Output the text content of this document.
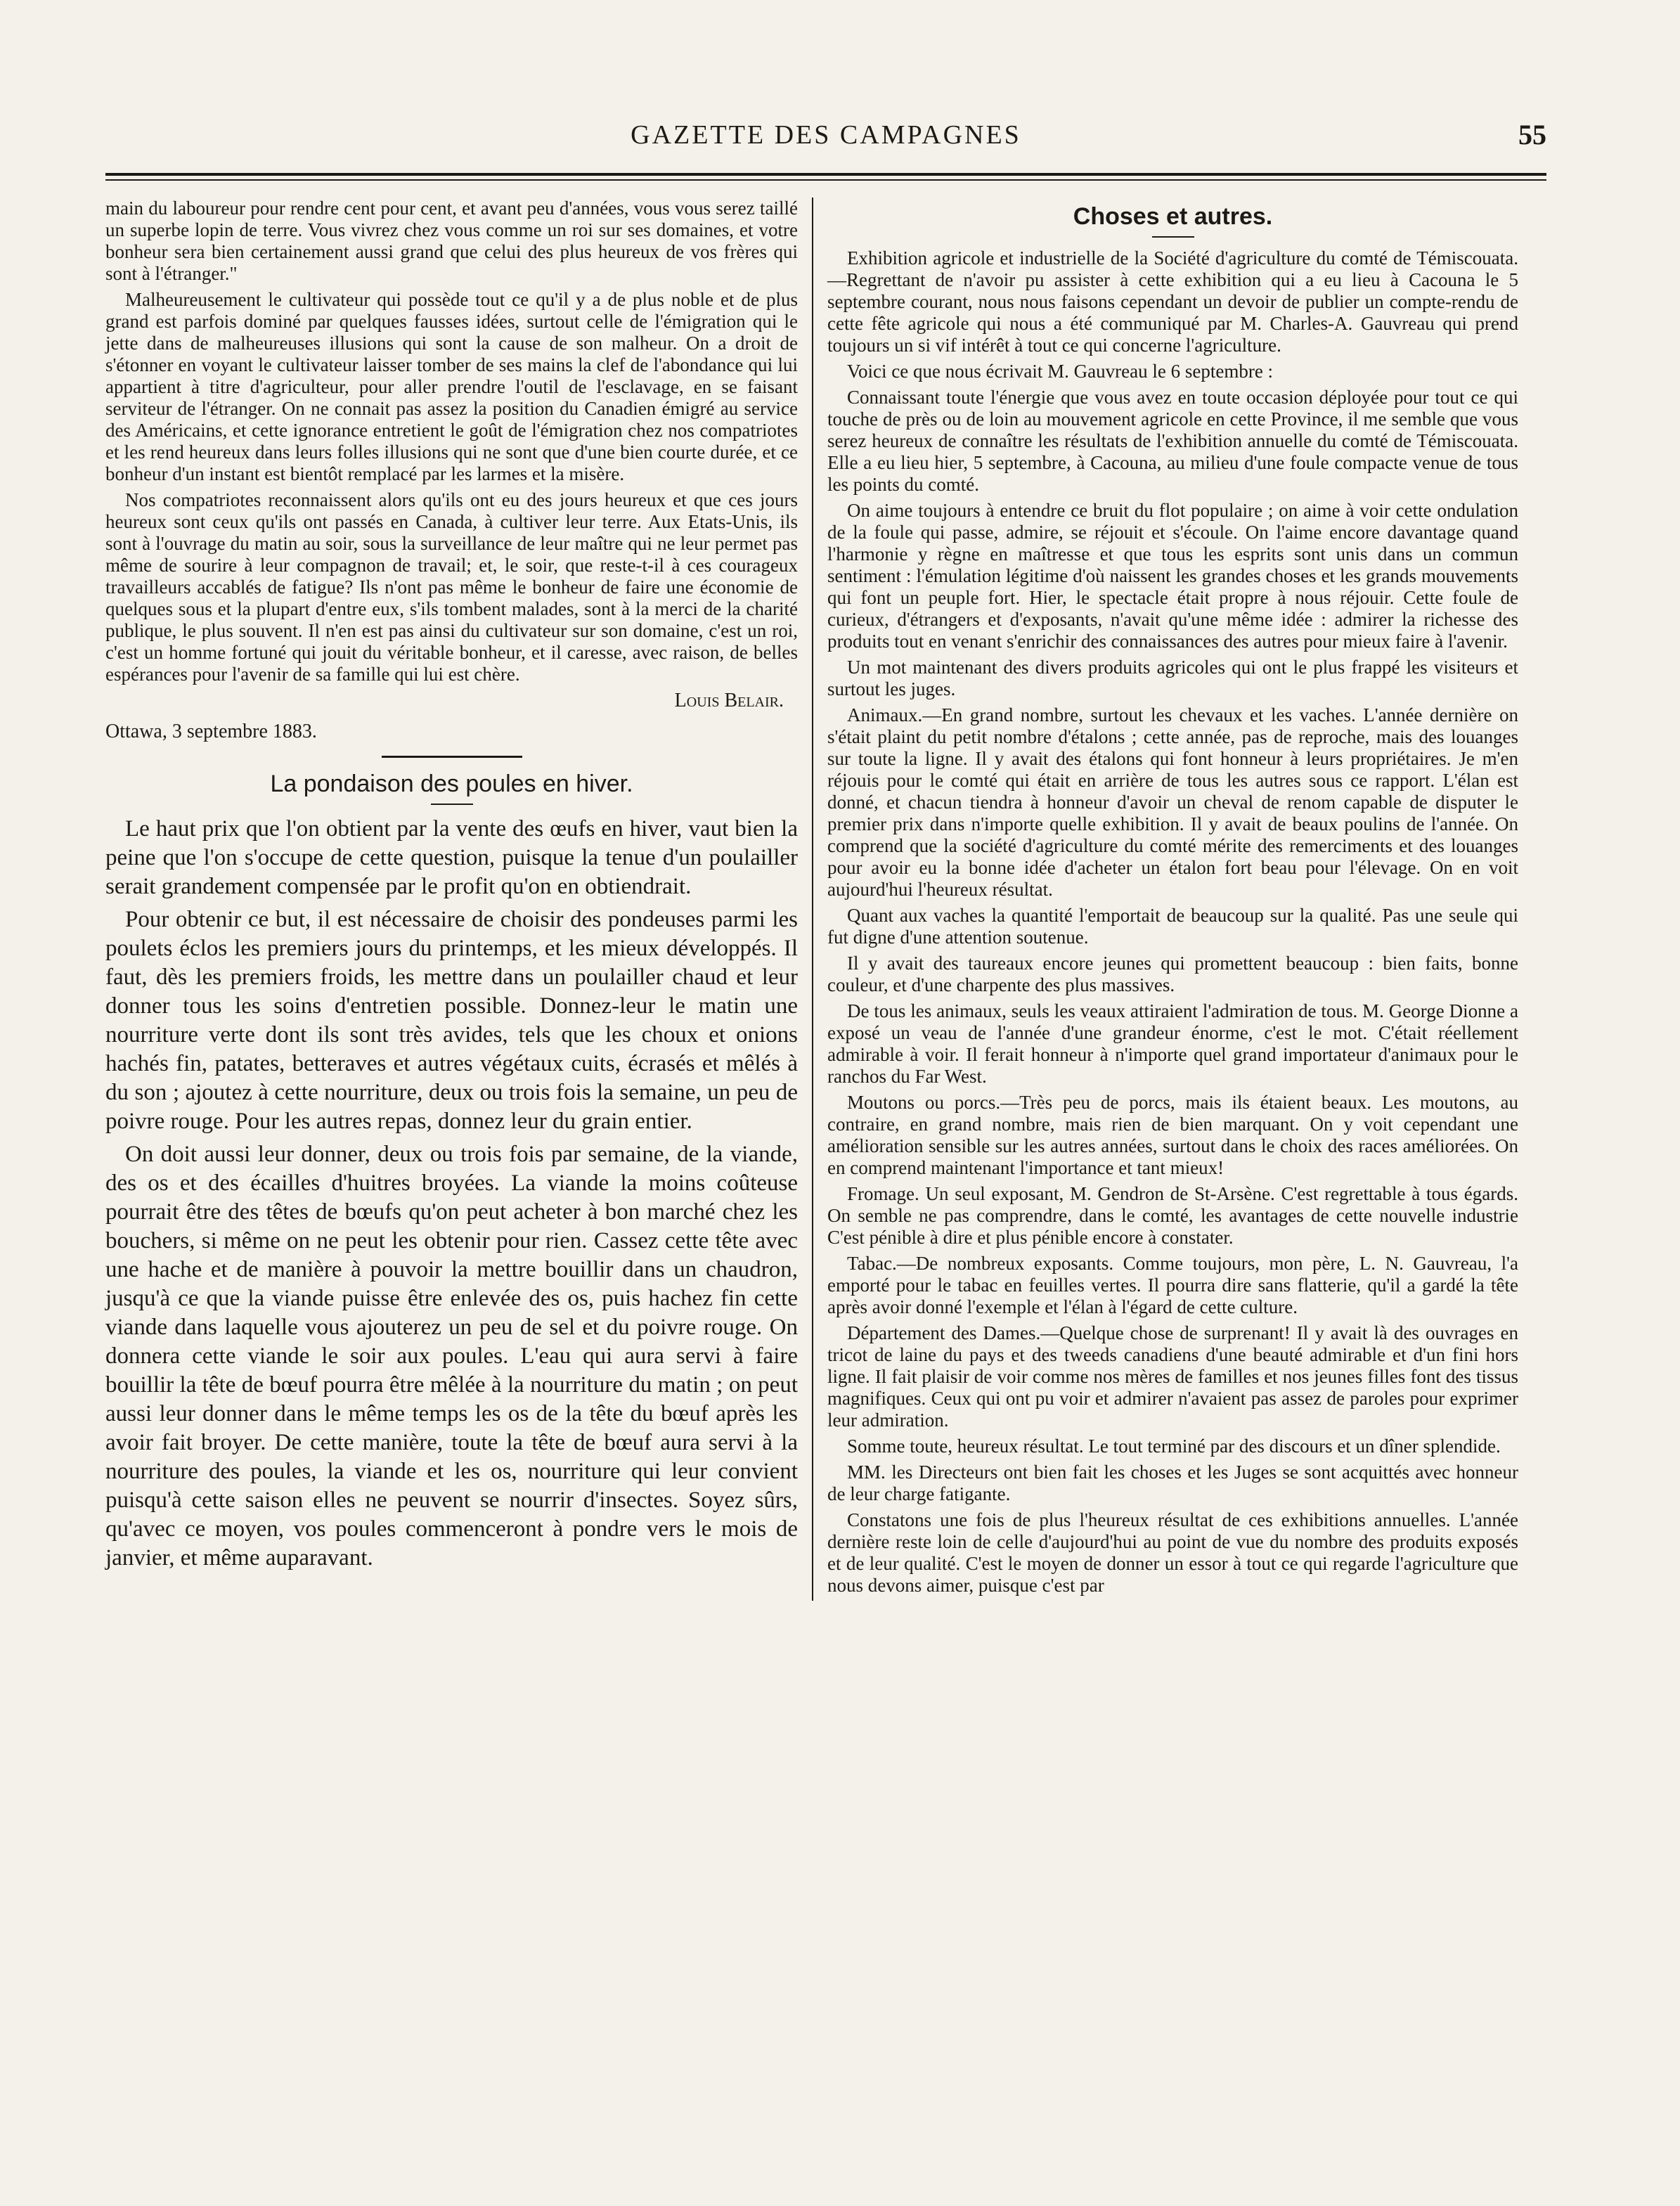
GAZETTE DES CAMPAGNES	55

main du laboureur pour rendre cent pour cent, et avant peu d'années, vous vous serez taillé un superbe lopin de terre. Vous vivrez chez vous comme un roi sur ses domaines, et votre bonheur sera bien certainement aussi grand que celui des plus heureux de vos frères qui sont à l'étranger."

Malheureusement le cultivateur qui possède tout ce qu'il y a de plus noble et de plus grand est parfois dominé par quelques fausses idées, surtout celle de l'émigration qui le jette dans de malheureuses illusions qui sont la cause de son malheur. On a droit de s'étonner en voyant le cultivateur laisser tomber de ses mains la clef de l'abondance qui lui appartient à titre d'agriculteur, pour aller prendre l'outil de l'esclavage, en se faisant serviteur de l'étranger. On ne connait pas assez la position du Canadien émigré au service des Américains, et cette ignorance entretient le goût de l'émigration chez nos compatriotes et les rend heureux dans leurs folles illusions qui ne sont que d'une bien courte durée, et ce bonheur d'un instant est bientôt remplacé par les larmes et la misère.

Nos compatriotes reconnaissent alors qu'ils ont eu des jours heureux et que ces jours heureux sont ceux qu'ils ont passés en Canada, à cultiver leur terre. Aux Etats-Unis, ils sont à l'ouvrage du matin au soir, sous la surveillance de leur maître qui ne leur permet pas même de sourire à leur compagnon de travail; et, le soir, que reste-t-il à ces courageux travailleurs accablés de fatigue? Ils n'ont pas même le bonheur de faire une économie de quelques sous et la plupart d'entre eux, s'ils tombent malades, sont à la merci de la charité publique, le plus souvent. Il n'en est pas ainsi du cultivateur sur son domaine, c'est un roi, c'est un homme fortuné qui jouit du véritable bonheur, et il caresse, avec raison, de belles espérances pour l'avenir de sa famille qui lui est chère.

Louis Belair.
Ottawa, 3 septembre 1883.
La pondaison des poules en hiver.

Le haut prix que l'on obtient par la vente des œufs en hiver, vaut bien la peine que l'on s'occupe de cette question, puisque la tenue d'un poulailler serait grandement compensée par le profit qu'on en obtiendrait.

Pour obtenir ce but, il est nécessaire de choisir des pondeuses parmi les poulets éclos les premiers jours du printemps, et les mieux développés. Il faut, dès les premiers froids, les mettre dans un poulailler chaud et leur donner tous les soins d'entretien possible. Donnez-leur le matin une nourriture verte dont ils sont très avides, tels que les choux et onions hachés fin, patates, betteraves et autres végétaux cuits, écrasés et mêlés à du son ; ajoutez à cette nourriture, deux ou trois fois la semaine, un peu de poivre rouge. Pour les autres repas, donnez leur du grain entier.

On doit aussi leur donner, deux ou trois fois par semaine, de la viande, des os et des écailles d'huitres broyées. La viande la moins coûteuse pourrait être des têtes de bœufs qu'on peut acheter à bon marché chez les bouchers, si même on ne peut les obtenir pour rien. Cassez cette tête avec une hache et de manière à pouvoir la mettre bouillir dans un chaudron, jusqu'à ce que la viande puisse être enlevée des os, puis hachez fin cette viande dans laquelle vous ajouterez un peu de sel et du poivre rouge. On donnera cette viande le soir aux poules. L'eau qui aura servi à faire bouillir la tête de bœuf pourra être mêlée à la nourriture du matin ; on peut aussi leur donner dans le même temps les os de la tête du bœuf après les avoir fait broyer. De cette manière, toute la tête de bœuf aura servi à la nourriture des poules, la viande et les os, nourriture qui leur convient puisqu'à cette saison elles ne peuvent se nourrir d'insectes. Soyez sûrs, qu'avec ce moyen, vos poules commenceront à pondre vers le mois de janvier, et même auparavant.

Choses et autres.

Exhibition agricole et industrielle de la Société d'agriculture du comté de Témiscouata.—Regrettant de n'avoir pu assister à cette exhibition qui a eu lieu à Cacouna le 5 septembre courant, nous nous faisons cependant un devoir de publier un compte-rendu de cette fête agricole qui nous a été communiqué par M. Charles-A. Gauvreau qui prend toujours un si vif intérêt à tout ce qui concerne l'agriculture.

Voici ce que nous écrivait M. Gauvreau le 6 septembre :

Connaissant toute l'énergie que vous avez en toute occasion déployée pour tout ce qui touche de près ou de loin au mouvement agricole en cette Province, il me semble que vous serez heureux de connaître les résultats de l'exhibition annuelle du comté de Témiscouata. Elle a eu lieu hier, 5 septembre, à Cacouna, au milieu d'une foule compacte venue de tous les points du comté.

On aime toujours à entendre ce bruit du flot populaire ; on aime à voir cette ondulation de la foule qui passe, admire, se réjouit et s'écoule. On l'aime encore davantage quand l'harmonie y règne en maîtresse et que tous les esprits sont unis dans un commun sentiment : l'émulation légitime d'où naissent les grandes choses et les grands mouvements qui font un peuple fort. Hier, le spectacle était propre à nous réjouir. Cette foule de curieux, d'étrangers et d'exposants, n'avait qu'une même idée : admirer la richesse des produits tout en venant s'enrichir des connaissances des autres pour mieux faire à l'avenir.

Un mot maintenant des divers produits agricoles qui ont le plus frappé les visiteurs et surtout les juges.

Animaux.—En grand nombre, surtout les chevaux et les vaches. L'année dernière on s'était plaint du petit nombre d'étalons ; cette année, pas de reproche, mais des louanges sur toute la ligne. Il y avait des étalons qui font honneur à leurs propriétaires. Je m'en réjouis pour le comté qui était en arrière de tous les autres sous ce rapport. L'élan est donné, et chacun tiendra à honneur d'avoir un cheval de renom capable de disputer le premier prix dans n'importe quelle exhibition. Il y avait de beaux poulins de l'année. On comprend que la société d'agriculture du comté mérite des remerciments et des louanges pour avoir eu la bonne idée d'acheter un étalon fort beau pour l'élevage. On en voit aujourd'hui l'heureux résultat.

Quant aux vaches la quantité l'emportait de beaucoup sur la qualité. Pas une seule qui fut digne d'une attention soutenue.

Il y avait des taureaux encore jeunes qui promettent beaucoup : bien faits, bonne couleur, et d'une charpente des plus massives.

De tous les animaux, seuls les veaux attiraient l'admiration de tous. M. George Dionne a exposé un veau de l'année d'une grandeur énorme, c'est le mot. C'était réellement admirable à voir. Il ferait honneur à n'importe quel grand importateur d'animaux pour le ranchos du Far West.

Moutons ou porcs.—Très peu de porcs, mais ils étaient beaux. Les moutons, au contraire, en grand nombre, mais rien de bien marquant. On y voit cependant une amélioration sensible sur les autres années, surtout dans le choix des races améliorées. On en comprend maintenant l'importance et tant mieux!

Fromage. Un seul exposant, M. Gendron de St-Arsène. C'est regrettable à tous égards. On semble ne pas comprendre, dans le comté, les avantages de cette nouvelle industrie C'est pénible à dire et plus pénible encore à constater.

Tabac.—De nombreux exposants. Comme toujours, mon père, L. N. Gauvreau, l'a emporté pour le tabac en feuilles vertes. Il pourra dire sans flatterie, qu'il a gardé la tête après avoir donné l'exemple et l'élan à l'égard de cette culture.

Département des Dames.—Quelque chose de surprenant! Il y avait là des ouvrages en tricot de laine du pays et des tweeds canadiens d'une beauté admirable et d'un fini hors ligne. Il fait plaisir de voir comme nos mères de familles et nos jeunes filles font des tissus magnifiques. Ceux qui ont pu voir et admirer n'avaient pas assez de paroles pour exprimer leur admiration.

Somme toute, heureux résultat. Le tout terminé par des discours et un dîner splendide.

MM. les Directeurs ont bien fait les choses et les Juges se sont acquittés avec honneur de leur charge fatigante.

Constatons une fois de plus l'heureux résultat de ces exhibitions annuelles. L'année dernière reste loin de celle d'aujourd'hui au point de vue du nombre des produits exposés et de leur qualité. C'est le moyen de donner un essor à tout ce qui regarde l'agriculture que nous devons aimer, puisque c'est par
